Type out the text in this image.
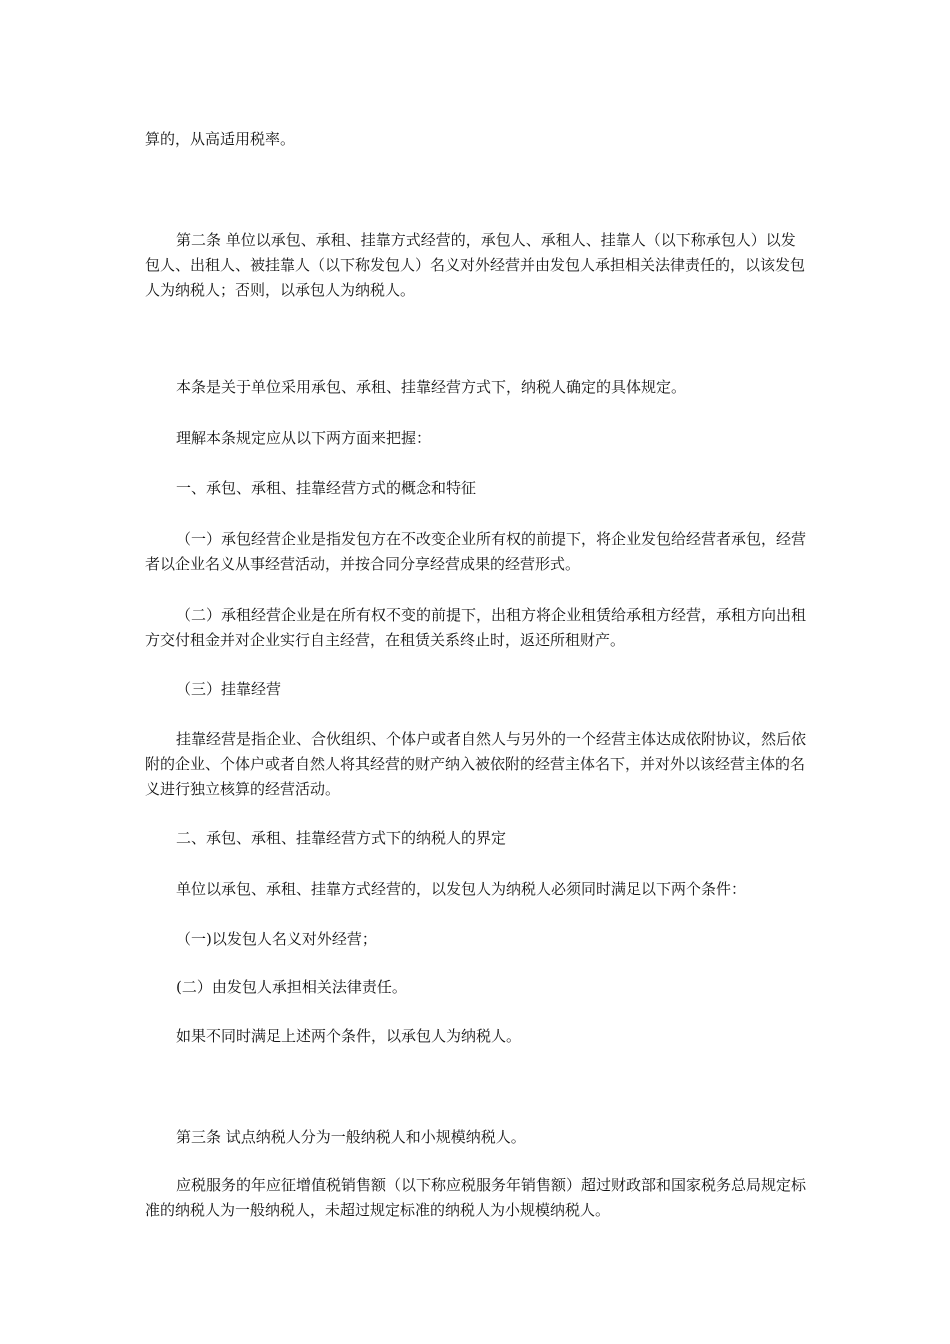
算的，从高适用税率。

第二条 单位以承包、承租、挂靠方式经营的，承包人、承租人、挂靠人（以下称承包人）以发包人、出租人、被挂靠人（以下称发包人）名义对外经营并由发包人承担相关法律责任的，以该发包人为纳税人；否则，以承包人为纳税人。

本条是关于单位采用承包、承租、挂靠经营方式下，纳税人确定的具体规定。

理解本条规定应从以下两方面来把握：

一、承包、承租、挂靠经营方式的概念和特征

（一）承包经营企业是指发包方在不改变企业所有权的前提下，将企业发包给经营者承包，经营者以企业名义从事经营活动，并按合同分享经营成果的经营形式。

（二）承租经营企业是在所有权不变的前提下，出租方将企业租赁给承租方经营，承租方向出租方交付租金并对企业实行自主经营，在租赁关系终止时，返还所租财产。

（三）挂靠经营

挂靠经营是指企业、合伙组织、个体户或者自然人与另外的一个经营主体达成依附协议，然后依附的企业、个体户或者自然人将其经营的财产纳入被依附的经营主体名下，并对外以该经营主体的名义进行独立核算的经营活动。

二、承包、承租、挂靠经营方式下的纳税人的界定

单位以承包、承租、挂靠方式经营的，以发包人为纳税人必须同时满足以下两个条件：

（一)以发包人名义对外经营；

(二）由发包人承担相关法律责任。

如果不同时满足上述两个条件，以承包人为纳税人。

第三条 试点纳税人分为一般纳税人和小规模纳税人。

应税服务的年应征增值税销售额（以下称应税服务年销售额）超过财政部和国家税务总局规定标准的纳税人为一般纳税人，未超过规定标准的纳税人为小规模纳税人。
